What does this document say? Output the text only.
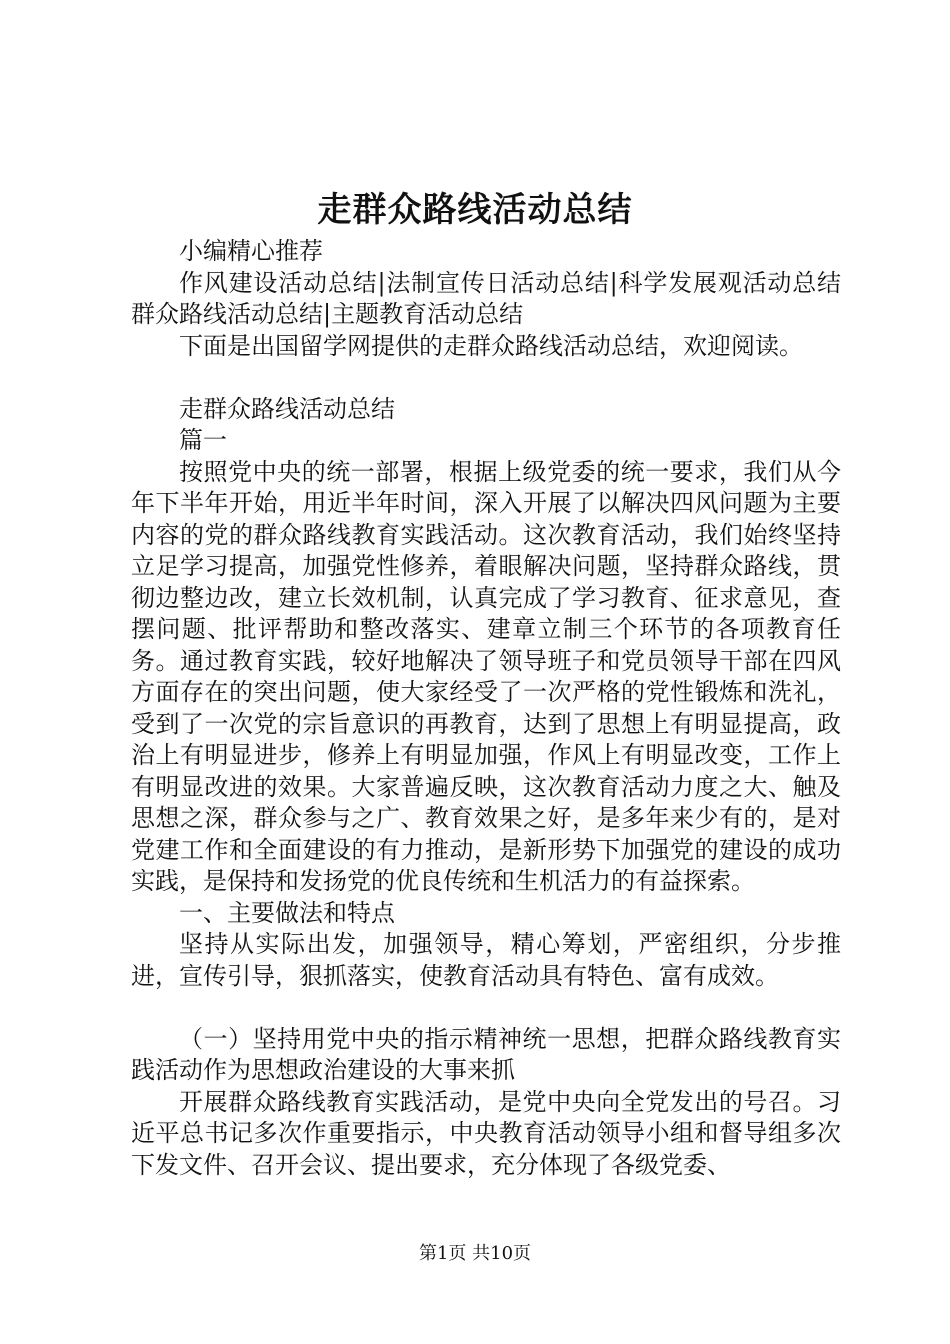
走群众路线活动总结

小编精心推荐

作风建设活动总结|法制宣传日活动总结|科学发展观活动总结群众路线活动总结|主题教育活动总结

下面是出国留学网提供的走群众路线活动总结，欢迎阅读。

走群众路线活动总结

篇一

按照党中央的统一部署，根据上级党委的统一要求，我们从今年下半年开始，用近半年时间，深入开展了以解决四风问题为主要内容的党的群众路线教育实践活动。这次教育活动，我们始终坚持立足学习提高，加强党性修养，着眼解决问题，坚持群众路线，贯彻边整边改，建立长效机制，认真完成了学习教育、征求意见，查摆问题、批评帮助和整改落实、建章立制三个环节的各项教育任务。通过教育实践，较好地解决了领导班子和党员领导干部在四风方面存在的突出问题，使大家经受了一次严格的党性锻炼和洗礼，受到了一次党的宗旨意识的再教育，达到了思想上有明显提高，政治上有明显进步，修养上有明显加强，作风上有明显改变，工作上有明显改进的效果。大家普遍反映，这次教育活动力度之大、触及思想之深，群众参与之广、教育效果之好，是多年来少有的，是对党建工作和全面建设的有力推动，是新形势下加强党的建设的成功实践，是保持和发扬党的优良传统和生机活力的有益探索。

一、主要做法和特点

坚持从实际出发，加强领导，精心筹划，严密组织，分步推进，宣传引导，狠抓落实，使教育活动具有特色、富有成效。

（一）坚持用党中央的指示精神统一思想，把群众路线教育实践活动作为思想政治建设的大事来抓

开展群众路线教育实践活动，是党中央向全党发出的号召。习近平总书记多次作重要指示，中央教育活动领导小组和督导组多次下发文件、召开会议、提出要求，充分体现了各级党委、

第1页 共10页
